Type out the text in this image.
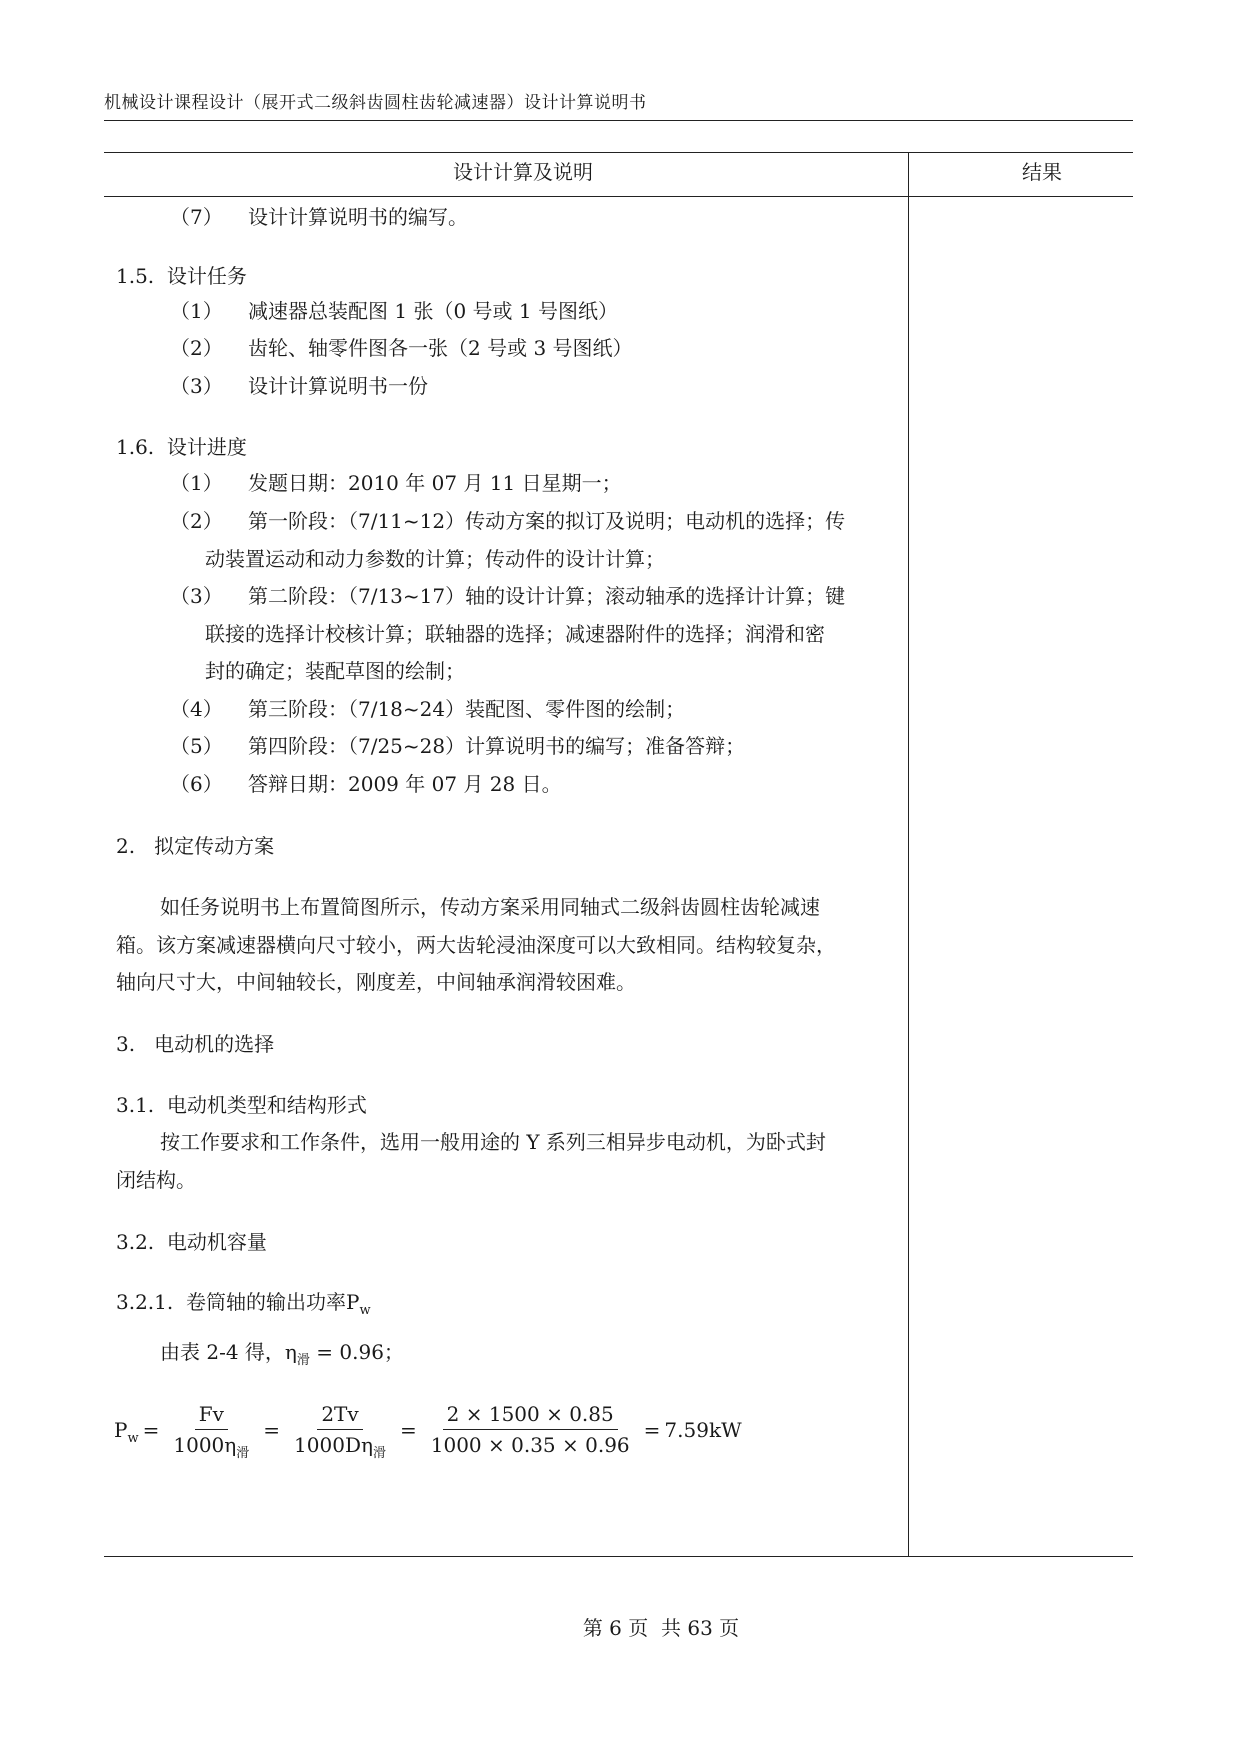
机械设计课程设计（展开式二级斜齿圆柱齿轮减速器）设计计算说明书
设计计算及说明	结果
（7） 设计计算说明书的编写。
1.5.  设计任务
（1） 减速器总装配图 1 张（0 号或 1 号图纸）
（2） 齿轮、轴零件图各一张（2 号或 3 号图纸）
（3） 设计计算说明书一份
1.6.  设计进度
（1） 发题日期：2010 年 07 月 11 日星期一；
（2） 第一阶段：（7/11~12）传动方案的拟订及说明；电动机的选择；传
动装置运动和动力参数的计算；传动件的设计计算；
（3） 第二阶段：（7/13~17）轴的设计计算；滚动轴承的选择计计算；键
联接的选择计校核计算；联轴器的选择；减速器附件的选择；润滑和密
封的确定；装配草图的绘制；
（4） 第三阶段：（7/18~24）装配图、零件图的绘制；
（5） 第四阶段：（7/25~28）计算说明书的编写；准备答辩；
（6） 答辩日期：2009 年 07 月 28 日。
2.   拟定传动方案
如任务说明书上布置简图所示，传动方案采用同轴式二级斜齿圆柱齿轮减速
箱。该方案减速器横向尺寸较小，两大齿轮浸油深度可以大致相同。结构较复杂，
轴向尺寸大，中间轴较长，刚度差，中间轴承润滑较困难。
3.   电动机的选择
3.1.  电动机类型和结构形式
按工作要求和工作条件，选用一般用途的 Y 系列三相异步电动机，为卧式封
闭结构。
3.2.  电动机容量
3.2.1.  卷筒轴的输出功率$P_w$
由表 2-4 得，$\eta_滑 = 0.96$；
$P_w = \frac{Fv}{1000\eta_滑} = \frac{2Tv}{1000D\eta_滑} = \frac{2 \times 1500 \times 0.85}{1000 \times 0.35 \times 0.96} = 7.59kW$
第 6 页  共 63 页
